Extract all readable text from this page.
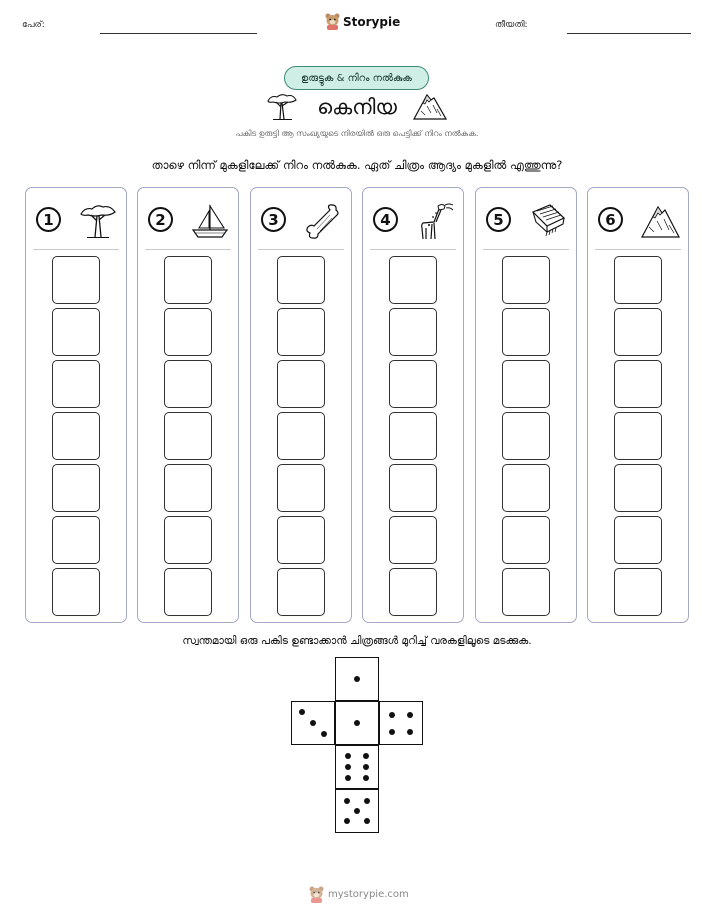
പേര്:	Storypie	തീയതി:
ഉരുട്ടുക & നിറം നൽകുക
കെനിയ
പകിട ഉരുട്ടി ആ സംഖ്യയുടെ നിരയിൽ ഒരു പെട്ടിക്ക് നിറം നൽകുക.
താഴെ നിന്ന് മുകളിലേക്ക് നിറം നൽകുക. ഏത് ചിത്രം ആദ്യം മുകളിൽ എത്തുന്നു?
1	2	3	4	5	6
സ്വന്തമായി ഒരു പകിട ഉണ്ടാക്കാൻ ചിത്രങ്ങൾ മുറിച്ച് വരകളിലൂടെ മടക്കുക.
mystorypie.com
